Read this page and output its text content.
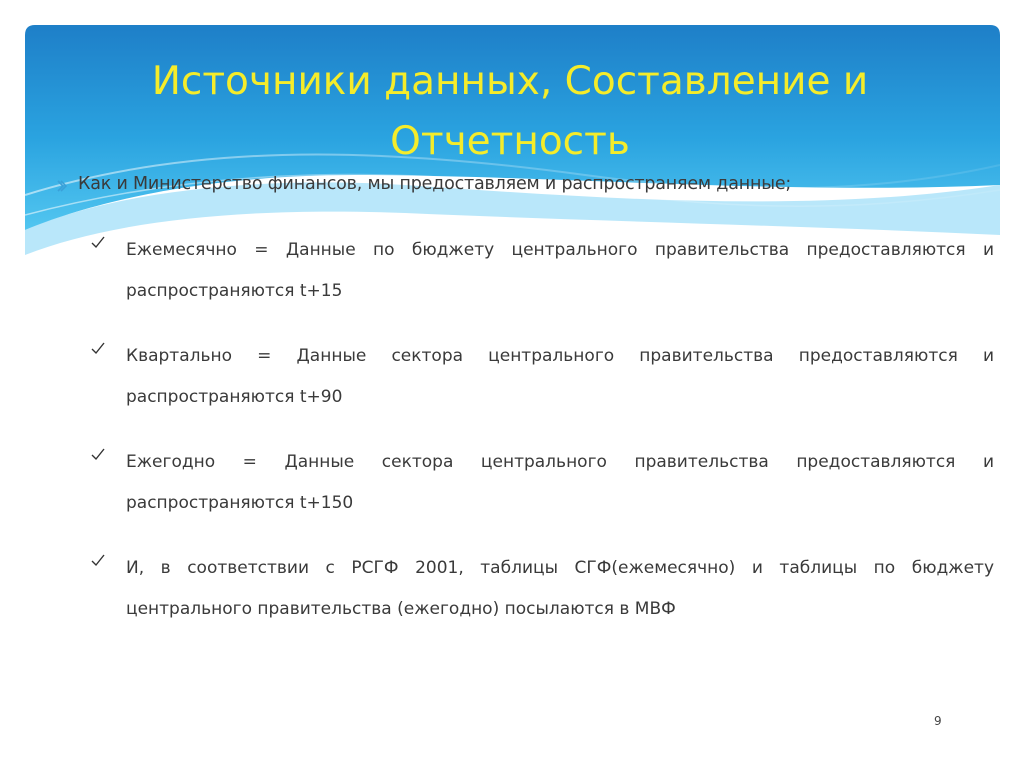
Источники данных, Составление и
Отчетность
Как и Министерство финансов, мы предоставляем и распространяем данные;
Ежемесячно = Данные по бюджету центрального правительства предоставляются и распространяются t+15
Квартально = Данные сектора центрального правительства предоставляются и распространяются t+90
Ежегодно = Данные сектора центрального правительства предоставляются и распространяются t+150
И, в соответствии с РСГФ 2001, таблицы СГФ(ежемесячно) и таблицы по бюджету центрального правительства (ежегодно) посылаются в МВФ
9
